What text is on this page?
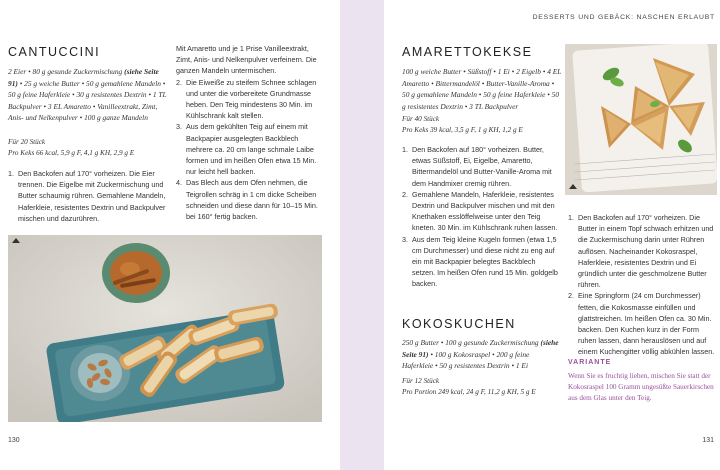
CANTUCCINI
2 Eier • 80 g gesunde Zuckermischung (siehe Seite 91) • 25 g weiche Butter • 50 g gemahlene Mandeln • 50 g feine Haferkleie • 30 g resistentes Dextrin • 1 TL Backpulver • 3 EL Amaretto • Vanilleextrakt, Zimt, Anis- und Nelkenpulver • 100 g ganze Mandeln
Für 20 Stück
Pro Keks 66 kcal, 5,9 g F, 4,1 g KH, 2,9 g E
1. Den Backofen auf 170° vorheizen. Die Eier trennen. Die Eigelbe mit Zuckermischung und Butter schaumig rühren. Gemahlene Mandeln, Haferkleie, resistentes Dextrin und Backpulver mischen und dazurühren.
Mit Amaretto und je 1 Prise Vanilleextrakt, Zimt, Anis- und Nelkenpulver verfeinern. Die ganzen Mandeln untermischen.
2. Die Eiweiße zu steifem Schnee schlagen und unter die vorbereitete Grundmasse heben. Den Teig mindestens 30 Min. im Kühlschrank kalt stellen.
3. Aus dem gekühlten Teig auf einem mit Backpapier ausgelegten Backblech mehrere ca. 20 cm lange schmale Laibe formen und im heißen Ofen etwa 15 Min. nur leicht hell backen.
4. Das Blech aus dem Ofen nehmen, die Teigrollen schräg in 1 cm dicke Scheiben schneiden und diese dann für 10–15 Min. bei 160° fertig backen.
130
DESSERTS UND GEBÄCK: NASCHEN ERLAUBT
AMARETTOKEKSE
100 g weiche Butter • Süßstoff • 1 Ei • 2 Eigelb • 4 EL Amaretto • Bittermandelöl • Butter-Vanille-Aroma • 50 g gemahlene Mandeln • 50 g feine Haferkleie • 50 g resistentes Dextrin • 3 TL Backpulver
Für 40 Stück
Pro Keks 39 kcal, 3,5 g F, 1 g KH, 1,2 g E
1. Den Backofen auf 180° vorheizen. Butter, etwas Süßstoff, Ei, Eigelbe, Amaretto, Bittermandelöl und Butter-Vanille-Aroma mit dem Handmixer cremig rühren.
2. Gemahlene Mandeln, Haferkleie, resistentes Dextrin und Backpulver mischen und mit den Knethaken esslöffelweise unter den Teig kneten. 30 Min. im Kühlschrank ruhen lassen.
3. Aus dem Teig kleine Kugeln formen (etwa 1,5 cm Durchmesser) und diese nicht zu eng auf ein mit Backpapier belegtes Backblech setzen. Im heißen Ofen rund 15 Min. goldgelb backen.
KOKOSKUCHEN
250 g Butter • 100 g gesunde Zuckermischung (siehe Seite 91) • 100 g Kokosraspel • 200 g feine Haferkleie • 50 g resistentes Dextrin • 1 Ei
Für 12 Stück
Pro Portion 249 kcal, 24 g F, 11,2 g KH, 5 g E
1. Den Backofen auf 170° vorheizen. Die Butter in einem Topf schwach erhitzen und die Zuckermischung darin unter Rühren auflösen. Nacheinander Kokosraspel, Haferkleie, resistentes Dextrin und Ei gründlich unter die geschmolzene Butter rühren.
2. Eine Springform (24 cm Durchmesser) fetten, die Kokosmasse einfüllen und glattstreichen. Im heißen Ofen ca. 30 Min. backen. Den Kuchen kurz in der Form ruhen lassen, dann herauslösen und auf einem Kuchengitter völlig abkühlen lassen.
VARIANTE
Wenn Sie es fruchtig lieben, mischen Sie statt der Kokosraspel 100 Gramm ungesüßte Sauerkirschen aus dem Glas unter den Teig.
131
